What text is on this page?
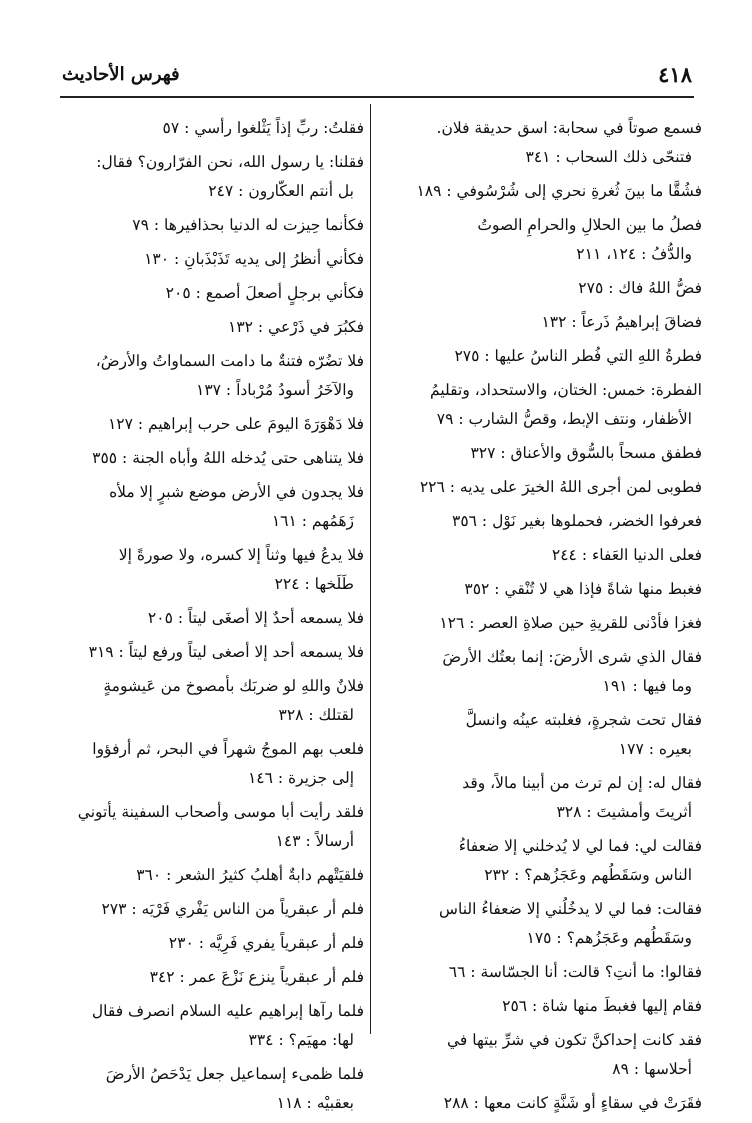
٤١٨
فهرس الأحاديث
فسمع صوتاً في سحابة: اسق حديقة فلان.
فتنحّى ذلك السحاب : ٣٤١
فشُقَّا ما بينَ ثُغرةِ نحري إلى شُرْسُوفي : ١٨٩
فصلُ ما بين الحلالِ والحرامِ الصوتُ
والدُّفُ : ١٢٤، ٢١١
فضُّ اللهُ فاك : ٢٧٥
فضاقَ إبراهيمُ ذَرعاً : ١٣٢
فطرةُ اللهِ التي فُطر الناسُ عليها : ٢٧٥
الفطرة: خمس: الختان، والاستحداد، وتقليمُ
الأظفار، ونتف الإبط، وقصُّ الشارب : ٧٩
فطفق مسحاً بالسُّوق والأعناق : ٣٢٧
فطوبى لمن أجرى اللهُ الخيرَ على يديه : ٢٢٦
فعرفوا الخضر، فحملوها بغير نَوْل : ٣٥٦
فعلى الدنيا العَفاء : ٢٤٤
فغبط منها شاةً فإذا هي لا تُنْقي : ٣٥٢
فغزا فأدْنى للقريةِ حين صلاةِ العصر : ١٢٦
فقال الذي شرى الأرضَ: إنما بعتُك الأرضَ
وما فيها : ١٩١
فقال تحت شجرةٍ، فغلبته عينُه وانسلَّ
بعيره : ١٧٧
فقال له: إن لم ترث من أبينا مالاً، وقد
أثريتَ وأمشيتَ : ٣٢٨
فقالت لي: فما لي لا يُدخلني إلا ضعفاءُ
الناس وسَقَطُهم وعَجَزُهم؟ : ٢٣٢
فقالت: فما لي لا يدخُلُني إلا ضعفاءُ الناس
وسَقَطُهم وعَجَزُهم؟ : ١٧٥
فقالوا: ما أنتِ؟ قالت: أنا الجسّاسة : ٦٦
فقام إليها فغبطَ منها شاة : ٢٥٦
فقد كانت إحداكنَّ تكون في شرِّ بيتها في
أحلاسها : ٨٩
فقَرَتْ في سقاءٍ أو شَنَّةٍ كانت معها : ٢٨٨
فقلتُ: ربِّ إذاً يَثْلغوا رأسي : ٥٧
فقلنا: يا رسول الله، نحن الفرّارون؟ فقال:
بل أنتم العكّارون : ٢٤٧
فكأنما حِيزت له الدنيا بحذافيرها : ٧٩
فكأني أنظرُ إلى يديه تَذَبْذَبانِ : ١٣٠
فكأني برجلٍ أصعلَ أصمع : ٢٠٥
فكبُرَ في ذَرْعي : ١٣٢
فلا تضُرّه فتنةٌ ما دامت السماواتُ والأرضُ،
والآخَرُ أسودُ مُرْباداً : ١٣٧
فلا دَهْوَرَةَ اليومَ على حرب إبراهيم : ١٢٧
فلا يتناهى حتى يُدخله اللهُ وأباه الجنة : ٣٥٥
فلا يجدون في الأرض موضع شبرٍ إلا ملأه
زَهَمُهم : ١٦١
فلا يدعُ فيها وثناً إلا كسره، ولا صورةً إلا
طَلَخها : ٢٢٤
فلا يسمعه أحدٌ إلا أصغَى ليتاً : ٢٠٥
فلا يسمعه أحد إلا أصغى ليتاً ورفع ليتاً : ٣١٩
فلانٌ واللهِ لو ضربَك بأمصوخ من عَيشومةٍ
لقتلك : ٣٢٨
فلعب بهم الموجُ شهراً في البحر، ثم أرفؤوا
إلى جزيرة : ١٤٦
فلقد رأيت أبا موسى وأصحاب السفينة يأتوني
أرسالاً : ١٤٣
فلقيَتْهم دابةٌ أهلبُ كثيرُ الشعر : ٣٦٠
فلم أر عبقرياً من الناس يَفْري فَرْيَه : ٢٧٣
فلم أر عبقرياً يفري فَرِيَّه : ٢٣٠
فلم أر عبقرياً ينزع نَزْعَ عمر : ٣٤٢
فلما رآها إبراهيم عليه السلام انصرف فقال
لها: مهيَم؟ : ٣٣٤
فلما ظمىء إسماعيل جعل يَدْحَصُ الأرضَ
بعقبيْه : ١١٨
